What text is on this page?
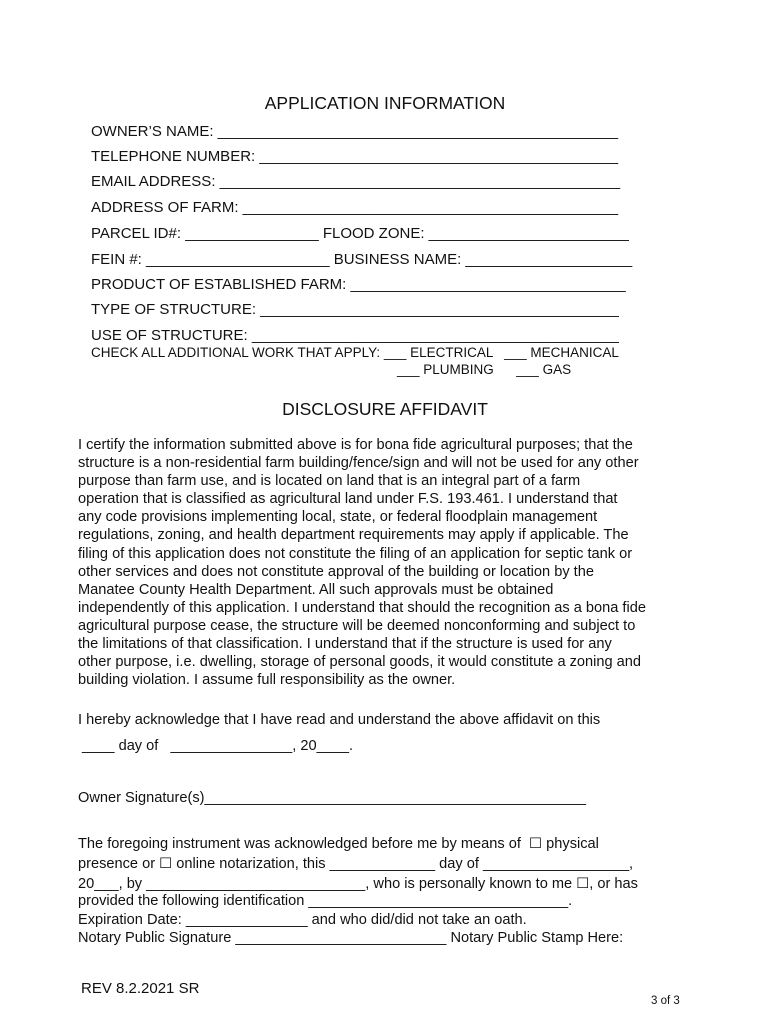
APPLICATION INFORMATION
OWNER’S NAME: ________________________________________________
TELEPHONE NUMBER: ___________________________________________
EMAIL ADDRESS: ________________________________________________
ADDRESS OF FARM: _____________________________________________
PARCEL ID#: ________________ FLOOD ZONE: ________________________
FEIN #: ______________________ BUSINESS NAME: ____________________
PRODUCT OF ESTABLISHED FARM: _________________________________
TYPE OF STRUCTURE: ___________________________________________
USE OF STRUCTURE: ____________________________________________
CHECK ALL ADDITIONAL WORK THAT APPLY: ___ ELECTRICAL   ___ MECHANICAL
___ PLUMBING      ___ GAS
DISCLOSURE AFFIDAVIT
I certify the information submitted above is for bona fide agricultural purposes; that the
structure is a non-residential farm building/fence/sign and will not be used for any other
purpose than farm use, and is located on land that is an integral part of a farm
operation that is classified as agricultural land under F.S. 193.461. I understand that
any code provisions implementing local, state, or federal floodplain management
regulations, zoning, and health department requirements may apply if applicable. The
filing of this application does not constitute the filing of an application for septic tank or
other services and does not constitute approval of the building or location by the
Manatee County Health Department. All such approvals must be obtained
independently of this application. I understand that should the recognition as a bona fide
agricultural purpose cease, the structure will be deemed nonconforming and subject to
the limitations of that classification. I understand that if the structure is used for any
other purpose, i.e. dwelling, storage of personal goods, it would constitute a zoning and
building violation. I assume full responsibility as the owner.
I hereby acknowledge that I have read and understand the above affidavit on this
____ day of   _______________, 20____.
Owner Signature(s)_______________________________________________
The foregoing instrument was acknowledged before me by means of  ☐ physical
presence or ☐ online notarization, this _____________ day of __________________,
20___, by ___________________________, who is personally known to me ☐, or has
provided the following identification ________________________________.
Expiration Date: _______________ and who did/did not take an oath.
Notary Public Signature __________________________ Notary Public Stamp Here:
REV 8.2.2021 SR
3 of 3
